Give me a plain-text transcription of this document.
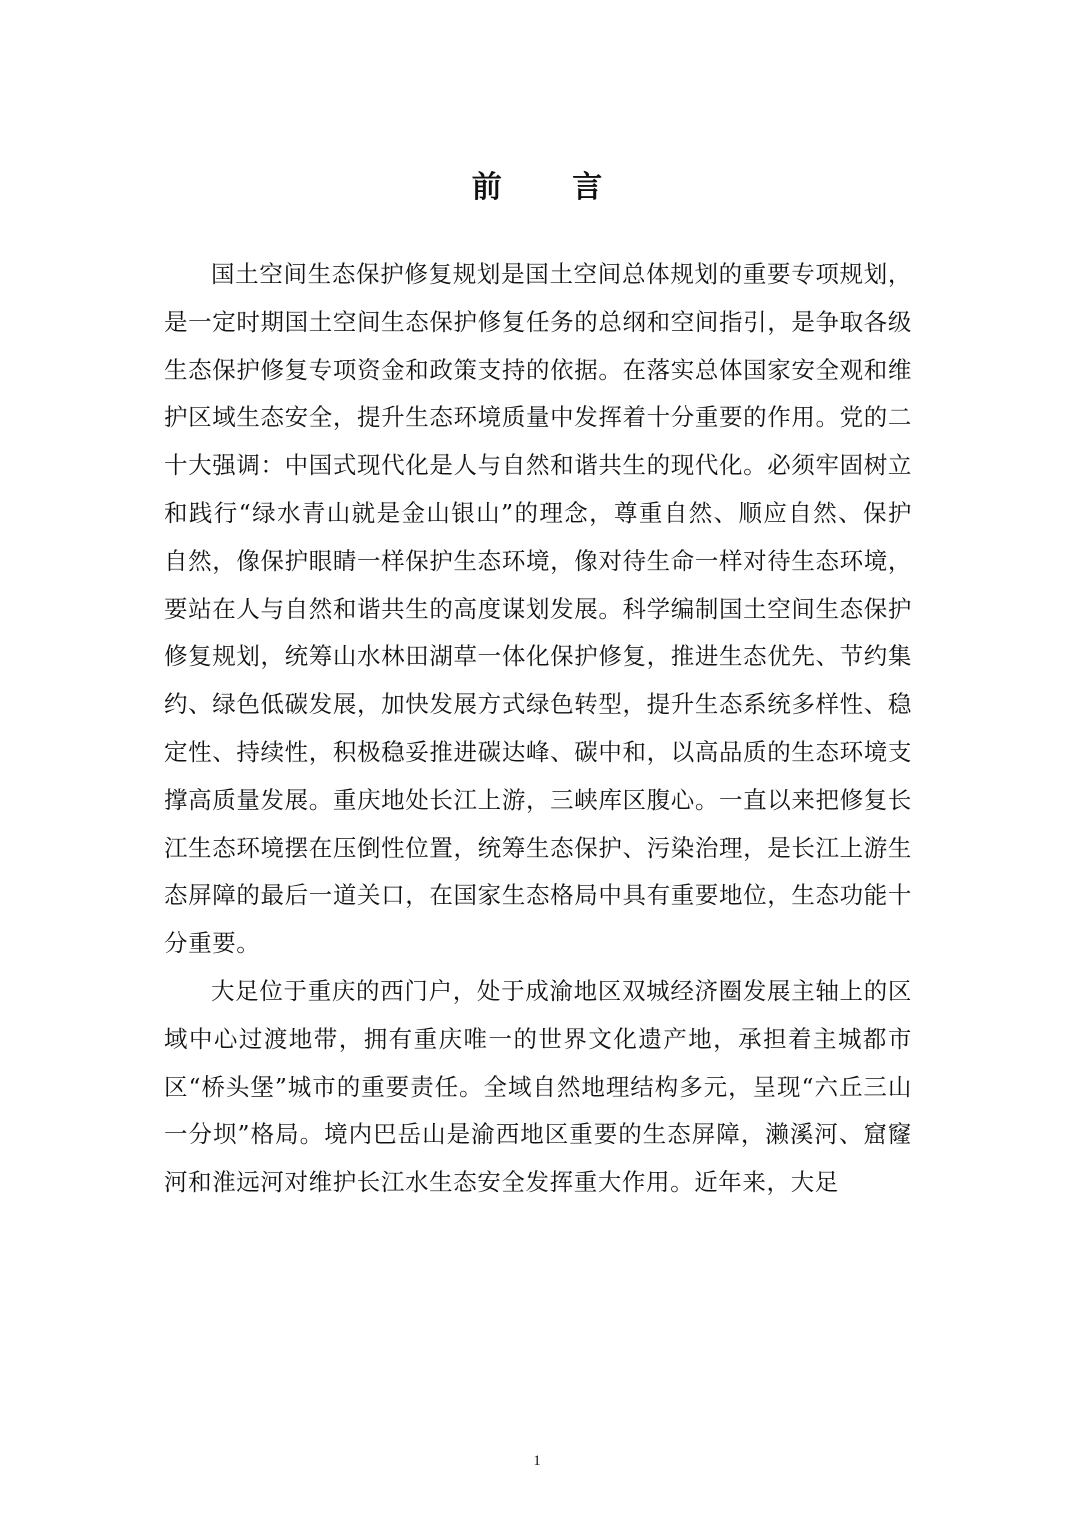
前 言

国土空间生态保护修复规划是国土空间总体规划的重要专项规划，是一定时期国土空间生态保护修复任务的总纲和空间指引，是争取各级生态保护修复专项资金和政策支持的依据。在落实总体国家安全观和维护区域生态安全，提升生态环境质量中发挥着十分重要的作用。党的二十大强调：中国式现代化是人与自然和谐共生的现代化。必须牢固树立和践行“绿水青山就是金山银山”的理念，尊重自然、顺应自然、保护自然，像保护眼睛一样保护生态环境，像对待生命一样对待生态环境，要站在人与自然和谐共生的高度谋划发展。科学编制国土空间生态保护修复规划，统筹山水林田湖草一体化保护修复，推进生态优先、节约集约、绿色低碳发展，加快发展方式绿色转型，提升生态系统多样性、稳定性、持续性，积极稳妥推进碳达峰、碳中和，以高品质的生态环境支撑高质量发展。重庆地处长江上游，三峡库区腹心。一直以来把修复长江生态环境摆在压倒性位置，统筹生态保护、污染治理，是长江上游生态屏障的最后一道关口，在国家生态格局中具有重要地位，生态功能十分重要。

大足位于重庆的西门户，处于成渝地区双城经济圈发展主轴上的区域中心过渡地带，拥有重庆唯一的世界文化遗产地，承担着主城都市区“桥头堡”城市的重要责任。全域自然地理结构多元，呈现“六丘三山一分坝”格局。境内巴岳山是渝西地区重要的生态屏障，濑溪河、窟窿河和淮远河对维护长江水生态安全发挥重大作用。近年来，大足

1
